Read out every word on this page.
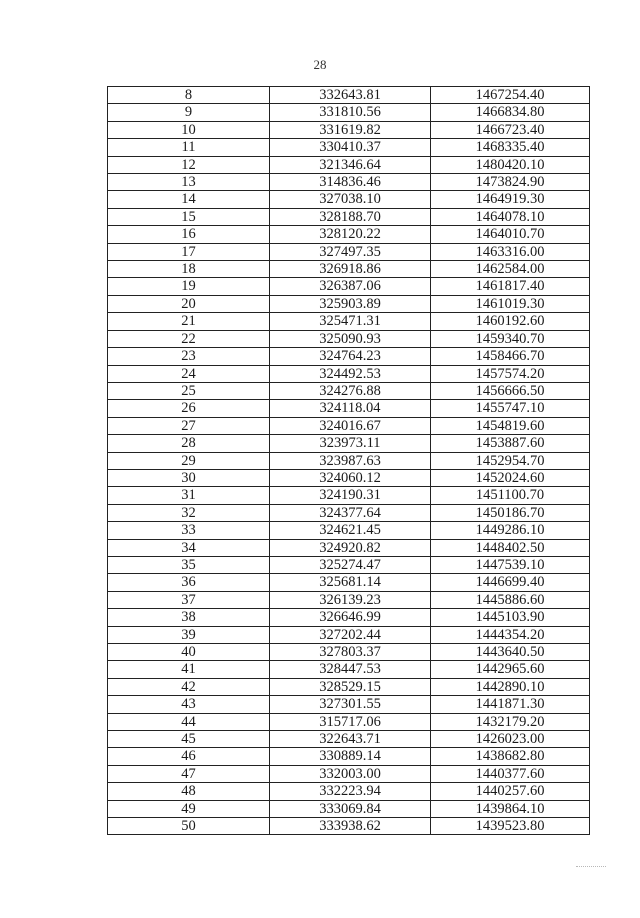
28
8	332643.81	1467254.40
9	331810.56	1466834.80
10	331619.82	1466723.40
11	330410.37	1468335.40
12	321346.64	1480420.10
13	314836.46	1473824.90
14	327038.10	1464919.30
15	328188.70	1464078.10
16	328120.22	1464010.70
17	327497.35	1463316.00
18	326918.86	1462584.00
19	326387.06	1461817.40
20	325903.89	1461019.30
21	325471.31	1460192.60
22	325090.93	1459340.70
23	324764.23	1458466.70
24	324492.53	1457574.20
25	324276.88	1456666.50
26	324118.04	1455747.10
27	324016.67	1454819.60
28	323973.11	1453887.60
29	323987.63	1452954.70
30	324060.12	1452024.60
31	324190.31	1451100.70
32	324377.64	1450186.70
33	324621.45	1449286.10
34	324920.82	1448402.50
35	325274.47	1447539.10
36	325681.14	1446699.40
37	326139.23	1445886.60
38	326646.99	1445103.90
39	327202.44	1444354.20
40	327803.37	1443640.50
41	328447.53	1442965.60
42	328529.15	1442890.10
43	327301.55	1441871.30
44	315717.06	1432179.20
45	322643.71	1426023.00
46	330889.14	1438682.80
47	332003.00	1440377.60
48	332223.94	1440257.60
49	333069.84	1439864.10
50	333938.62	1439523.80
